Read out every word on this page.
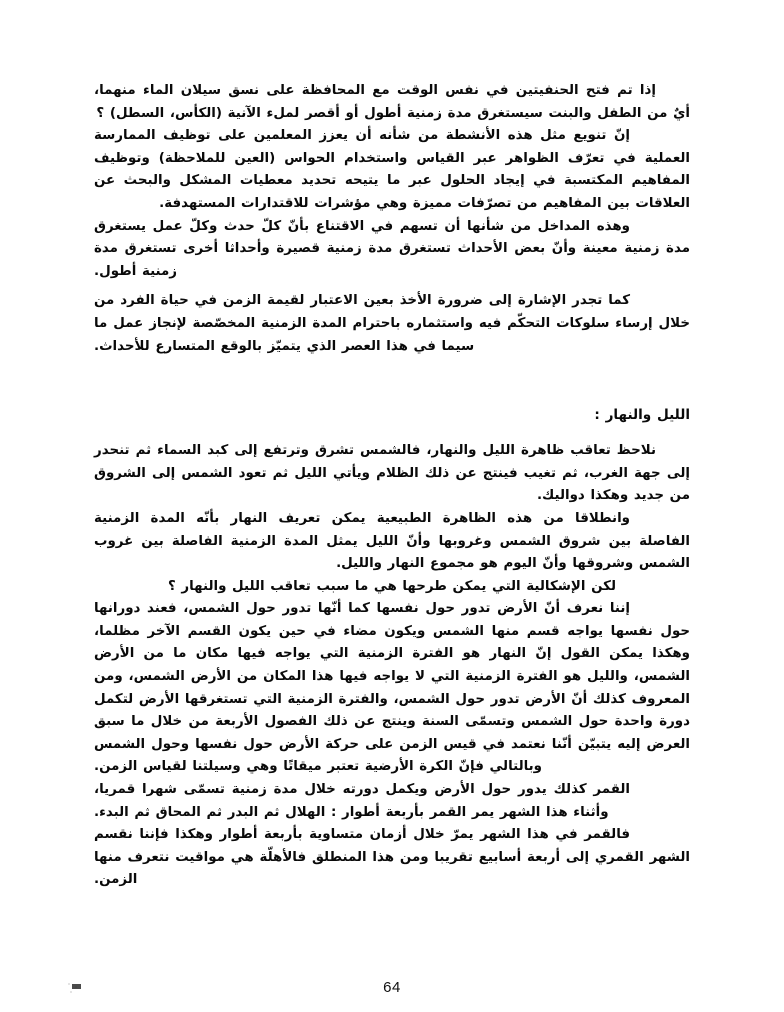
إذا تم فتح الحنفيتين في نفس الوقت مع المحافظة على نسق سيلان الماء منهما، أيٌ من الطفل والبنت سيستغرق مدة زمنية أطول أو أقصر لملء الآنية (الكأس، السطل) ؟

إنّ تنويع مثل هذه الأنشطة من شأنه أن يعزز المعلمين على توظيف الممارسة العملية في تعرّف الظواهر عبر القياس واستخدام الحواس (العين للملاحظة) وتوظيف المفاهيم المكتسبة في إيجاد الحلول عبر ما يتيحه تحديد معطيات المشكل والبحث عن العلاقات بين المفاهيم من تصرّفات مميزة وهي مؤشرات للاقتدارات المستهدفة.

وهذه المداخل من شأنها أن تسهم في الاقتناع بأنّ كلّ حدث وكلّ عمل يستغرق مدة زمنية معينة وأنّ بعض الأحداث تستغرق مدة زمنية قصيرة وأحداثا أخرى تستغرق مدة زمنية أطول.

كما تجدر الإشارة إلى ضرورة الأخذ بعين الاعتبار لقيمة الزمن في حياة الفرد من خلال إرساء سلوكات التحكّم فيه واستثماره باحترام المدة الزمنية المخصّصة لإنجاز عمل ما سيما في هذا العصر الذي يتميّز بالوقع المتسارع للأحداث.

الليل والنهار :

نلاحظ تعاقب ظاهرة الليل والنهار، فالشمس تشرق وترتفع إلى كبد السماء ثم تنحدر إلى جهة الغرب، ثم تغيب فينتج عن ذلك الظلام ويأتي الليل ثم تعود الشمس إلى الشروق من جديد وهكذا دواليك.

وانطلاقا من هذه الظاهرة الطبيعية يمكن تعريف النهار بأنّه المدة الزمنية الفاصلة بين شروق الشمس وغروبها وأنّ الليل يمثل المدة الزمنية الفاصلة بين غروب الشمس وشروقها وأنّ اليوم هو مجموع النهار والليل.

لكن الإشكالية التي يمكن طرحها هي ما سبب تعاقب الليل والنهار ؟

إننا نعرف أنّ الأرض تدور حول نفسها كما أنّها تدور حول الشمس، فعند دورانها حول نفسها يواجه قسم منها الشمس ويكون مضاء في حين يكون القسم الآخر مظلما، وهكذا يمكن القول إنّ النهار هو الفترة الزمنية التي يواجه فيها مكان ما من الأرض الشمس، والليل هو الفترة الزمنية التي لا يواجه فيها هذا المكان من الأرض الشمس، ومن المعروف كذلك أنّ الأرض تدور حول الشمس، والفترة الزمنية التي تستغرقها الأرض لتكمل دورة واحدة حول الشمس وتسمّى السنة وينتج عن ذلك الفصول الأربعة من خلال ما سبق العرض إليه يتبيّن أنّنا نعتمد في قيس الزمن على حركة الأرض حول نفسها وحول الشمس وبالتالي فإنّ الكرة الأرضية تعتبر ميقاتًا وهي وسيلتنا لقياس الزمن.

القمر كذلك يدور حول الأرض ويكمل دورته خلال مدة زمنية تسمّى شهرا قمريا، وأثناء هذا الشهر يمر القمر بأربعة أطوار : الهلال ثم البدر ثم المحاق ثم البدء.

فالقمر في هذا الشهر يمرّ خلال أزمان متساوية بأربعة أطوار وهكذا فإننا نقسم الشهر القمري إلى أربعة أسابيع تقريبا ومن هذا المنطلق فالأهلّة هي مواقيت نتعرف منها الزمن.

64
